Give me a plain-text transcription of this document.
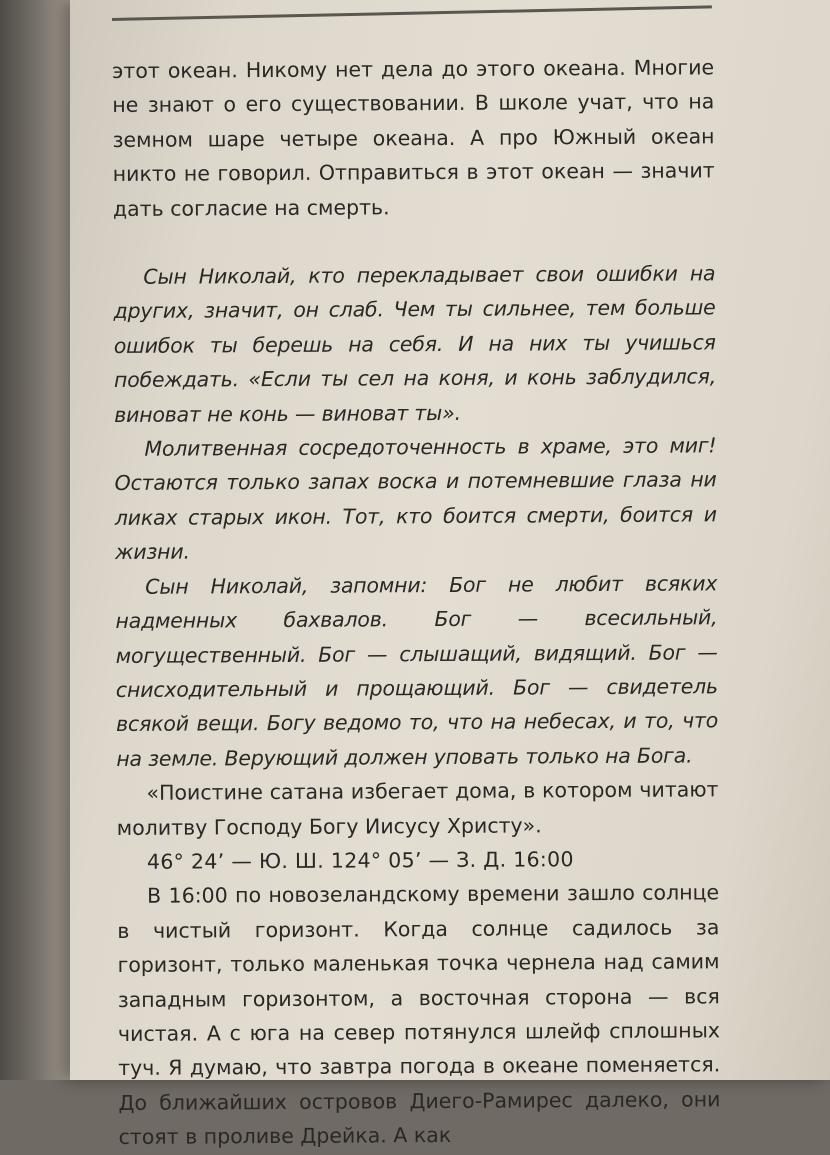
этот океан. Никому нет дела до этого океана. Многие не знают о его существовании. В школе учат, что на земном шаре четыре океана. А про Южный океан никто не говорил. Отправиться в этот океан — значит дать согласие на смерть.

Сын Николай, кто перекладывает свои ошибки на других, значит, он слаб. Чем ты сильнее, тем больше ошибок ты берешь на себя. И на них ты учишься побеждать. «Если ты сел на коня, и конь заблудился, виноват не конь — виноват ты».

Молитвенная сосредоточенность в храме, это миг! Остаются только запах воска и потемневшие глаза ни ликах старых икон. Тот, кто боится смерти, боится и жизни.

Сын Николай, запомни: Бог не любит всяких надменных бахвалов. Бог — всесильный, могущественный. Бог — слышащий, видящий. Бог — снисходительный и прощающий. Бог — свидетель всякой вещи. Богу ведомо то, что на небесах, и то, что на земле. Верующий должен уповать только на Бога.

«Поистине сатана избегает дома, в котором читают молитву Господу Богу Иисусу Христу».

46° 24’ — Ю. Ш. 124° 05’ — З. Д. 16:00

В 16:00 по новозеландскому времени зашло солнце в чистый горизонт. Когда солнце садилось за горизонт, только маленькая точка чернела над самим западным горизонтом, а восточная сторона — вся чистая. А с юга на север потянулся шлейф сплошных туч. Я думаю, что завтра погода в океане поменяется. До ближайших островов Диего-Рамирес далеко, они стоят в проливе Дрейка. А как
